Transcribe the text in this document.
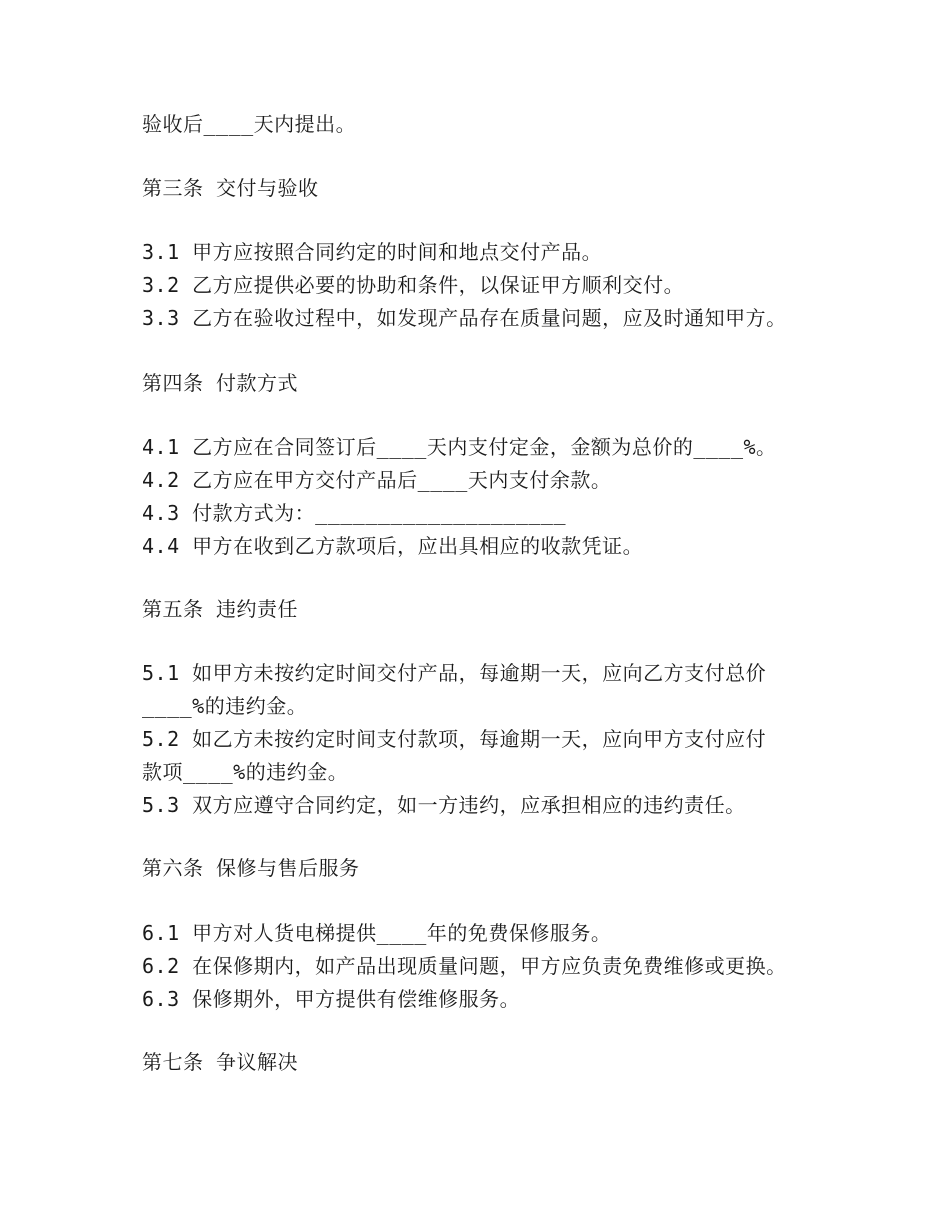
验收后____天内提出。
第三条 交付与验收
3.1 甲方应按照合同约定的时间和地点交付产品。
3.2 乙方应提供必要的协助和条件，以保证甲方顺利交付。
3.3 乙方在验收过程中，如发现产品存在质量问题，应及时通知甲方。
第四条 付款方式
4.1 乙方应在合同签订后____天内支付定金，金额为总价的____%。
4.2 乙方应在甲方交付产品后____天内支付余款。
4.3 付款方式为：____________________
4.4 甲方在收到乙方款项后，应出具相应的收款凭证。
第五条 违约责任
5.1 如甲方未按约定时间交付产品，每逾期一天，应向乙方支付总价
____%的违约金。
5.2 如乙方未按约定时间支付款项，每逾期一天，应向甲方支付应付
款项____%的违约金。
5.3 双方应遵守合同约定，如一方违约，应承担相应的违约责任。
第六条 保修与售后服务
6.1 甲方对人货电梯提供____年的免费保修服务。
6.2 在保修期内，如产品出现质量问题，甲方应负责免费维修或更换。
6.3 保修期外，甲方提供有偿维修服务。
第七条 争议解决
